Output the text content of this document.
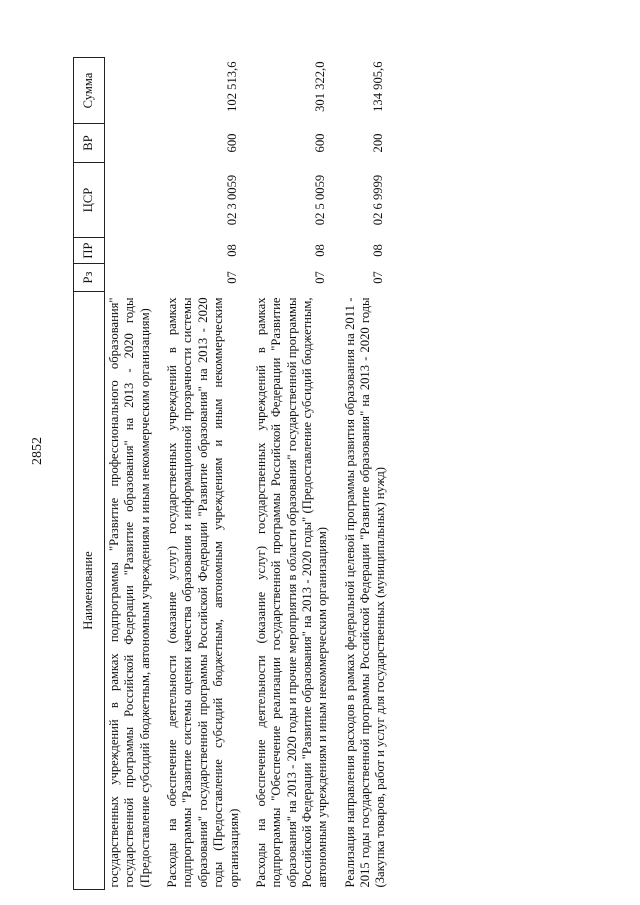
2852
Наименование	Рз	ПР	ЦСР	ВР	Сумма
государственных учреждений в рамках подпрограммы "Развитие профессионального образования" государственной программы Российской Федерации "Развитие образования" на 2013 - 2020 годы (Предоставление субсидий бюджетным, автономным учреждениям и иным некоммерческим организациям)					
Расходы на обеспечение деятельности (оказание услуг) государственных учреждений в рамках подпрограммы "Развитие системы оценки качества образования и информационной прозрачности системы образования" государственной программы Российской Федерации "Развитие образования" на 2013 - 2020 годы (Предоставление субсидий бюджетным, автономным учреждениям и иным некоммерческим организациям)	07	08	02 3 0059	600	102 513,6
Расходы на обеспечение деятельности (оказание услуг) государственных учреждений в рамках подпрограммы "Обеспечение реализации государственной программы Российской Федерации "Развитие образования" на 2013 - 2020 годы и прочие мероприятия в области образования" государственной программы Российской Федерации "Развитие образования" на 2013 - 2020 годы" (Предоставление субсидий бюджетным, автономным учреждениям и иным некоммерческим организациям)	07	08	02 5 0059	600	301 322,0
Реализация направления расходов в рамках федеральной целевой программы развития образования на 2011 - 2015 годы государственной программы Российской Федерации "Развитие образования" на 2013 - 2020 годы (Закупка товаров, работ и услуг для государственных (муниципальных) нужд)	07	08	02 6 9999	200	134 905,6
